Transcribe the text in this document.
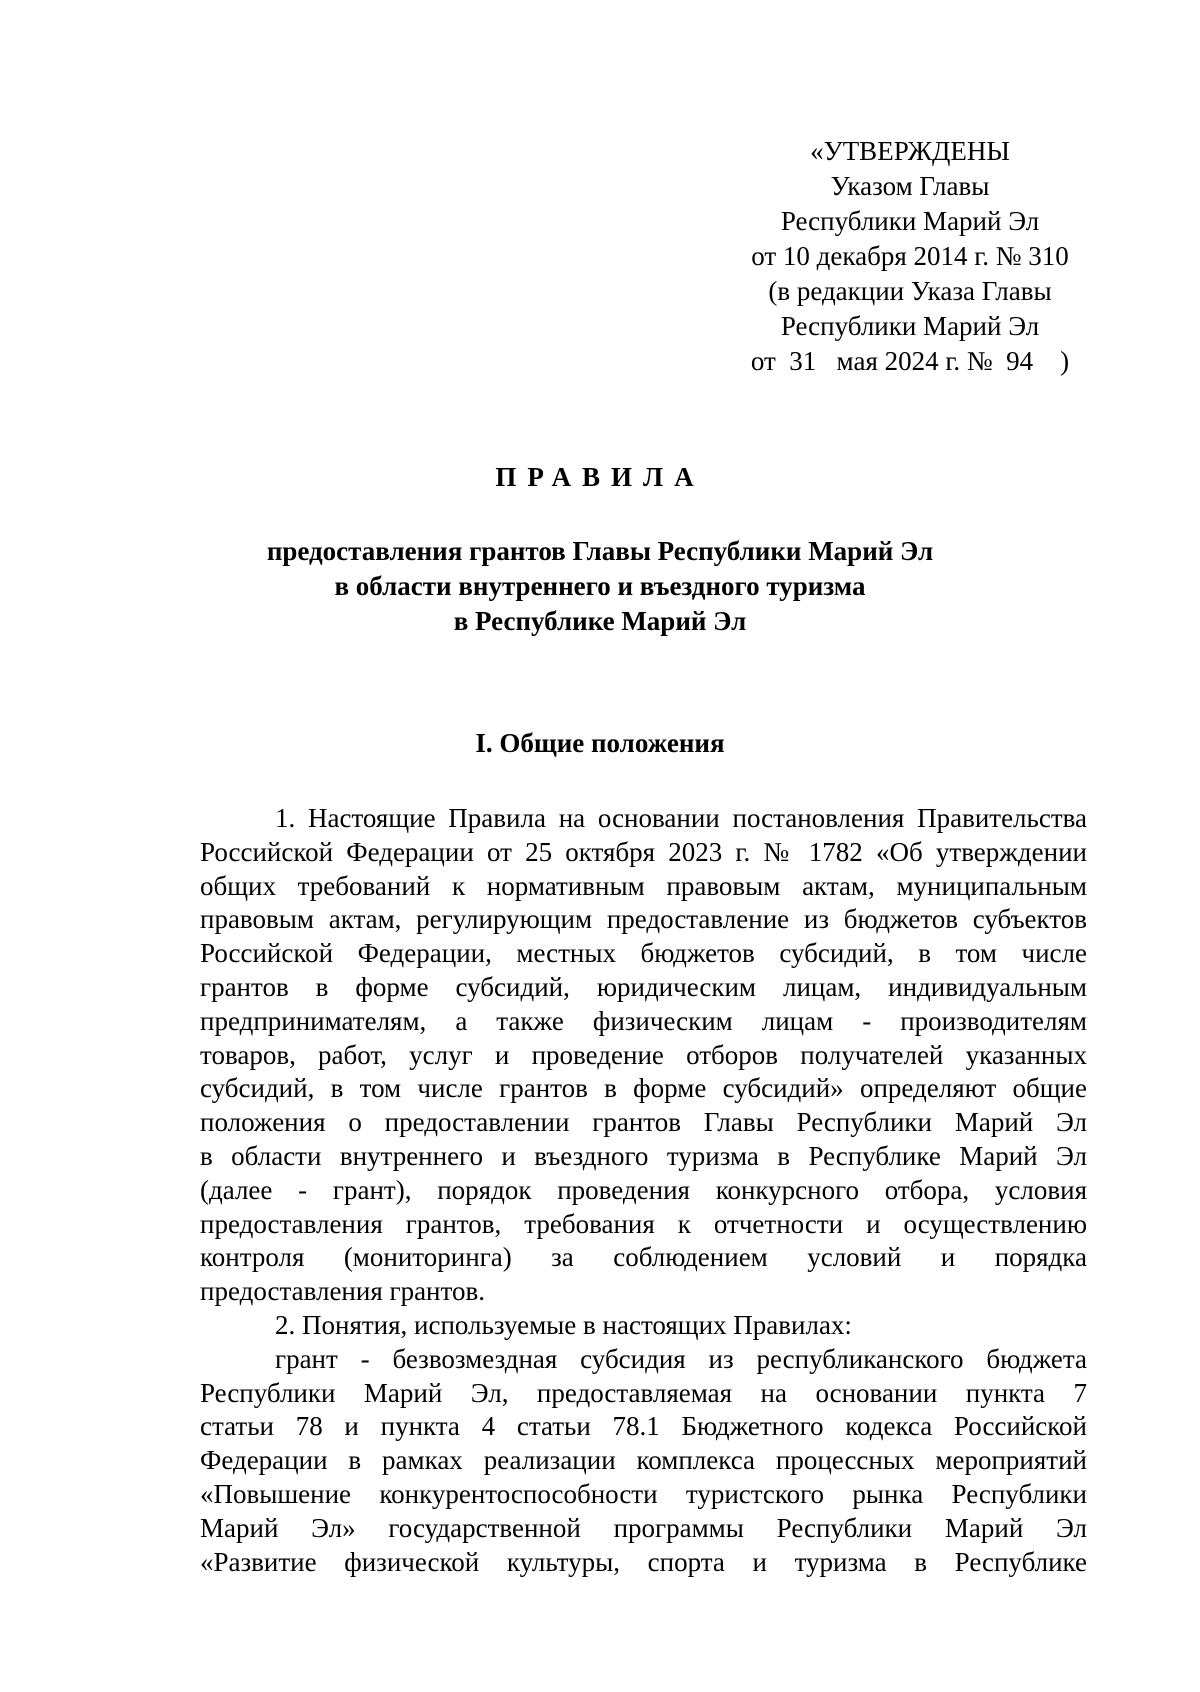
«УТВЕРЖДЕНЫ
Указом Главы
Республики Марий Эл
от 10 декабря 2014 г. № 310
(в редакции Указа Главы
Республики Марий Эл
от  31   мая 2024 г. №  94    )
ПРАВИЛА
предоставления грантов Главы Республики Марий Эл
в области внутреннего и въездного туризма
в Республике Марий Эл
I. Общие положения
1. Настоящие Правила на основании постановления Правительства
Российской Федерации от 25 октября 2023 г. № 1782 «Об утверждении
общих требований к нормативным правовым актам, муниципальным
правовым актам, регулирующим предоставление из бюджетов субъектов
Российской Федерации, местных бюджетов субсидий, в том числе
грантов в форме субсидий, юридическим лицам, индивидуальным
предпринимателям, а также физическим лицам - производителям
товаров, работ, услуг и проведение отборов получателей указанных
субсидий, в том числе грантов в форме субсидий» определяют общие
положения о предоставлении грантов Главы Республики Марий Эл
в области внутреннего и въездного туризма в Республике Марий Эл
(далее - грант), порядок проведения конкурсного отбора, условия
предоставления грантов, требования к отчетности и осуществлению
контроля (мониторинга) за соблюдением условий и порядка
предоставления грантов.
2. Понятия, используемые в настоящих Правилах:
грант - безвозмездная субсидия из республиканского бюджета
Республики Марий Эл, предоставляемая на основании пункта 7
статьи 78 и пункта 4 статьи 78.1 Бюджетного кодекса Российской
Федерации в рамках реализации комплекса процессных мероприятий
«Повышение конкурентоспособности туристского рынка Республики
Марий Эл» государственной программы Республики Марий Эл
«Развитие физической культуры, спорта и туризма в Республике
